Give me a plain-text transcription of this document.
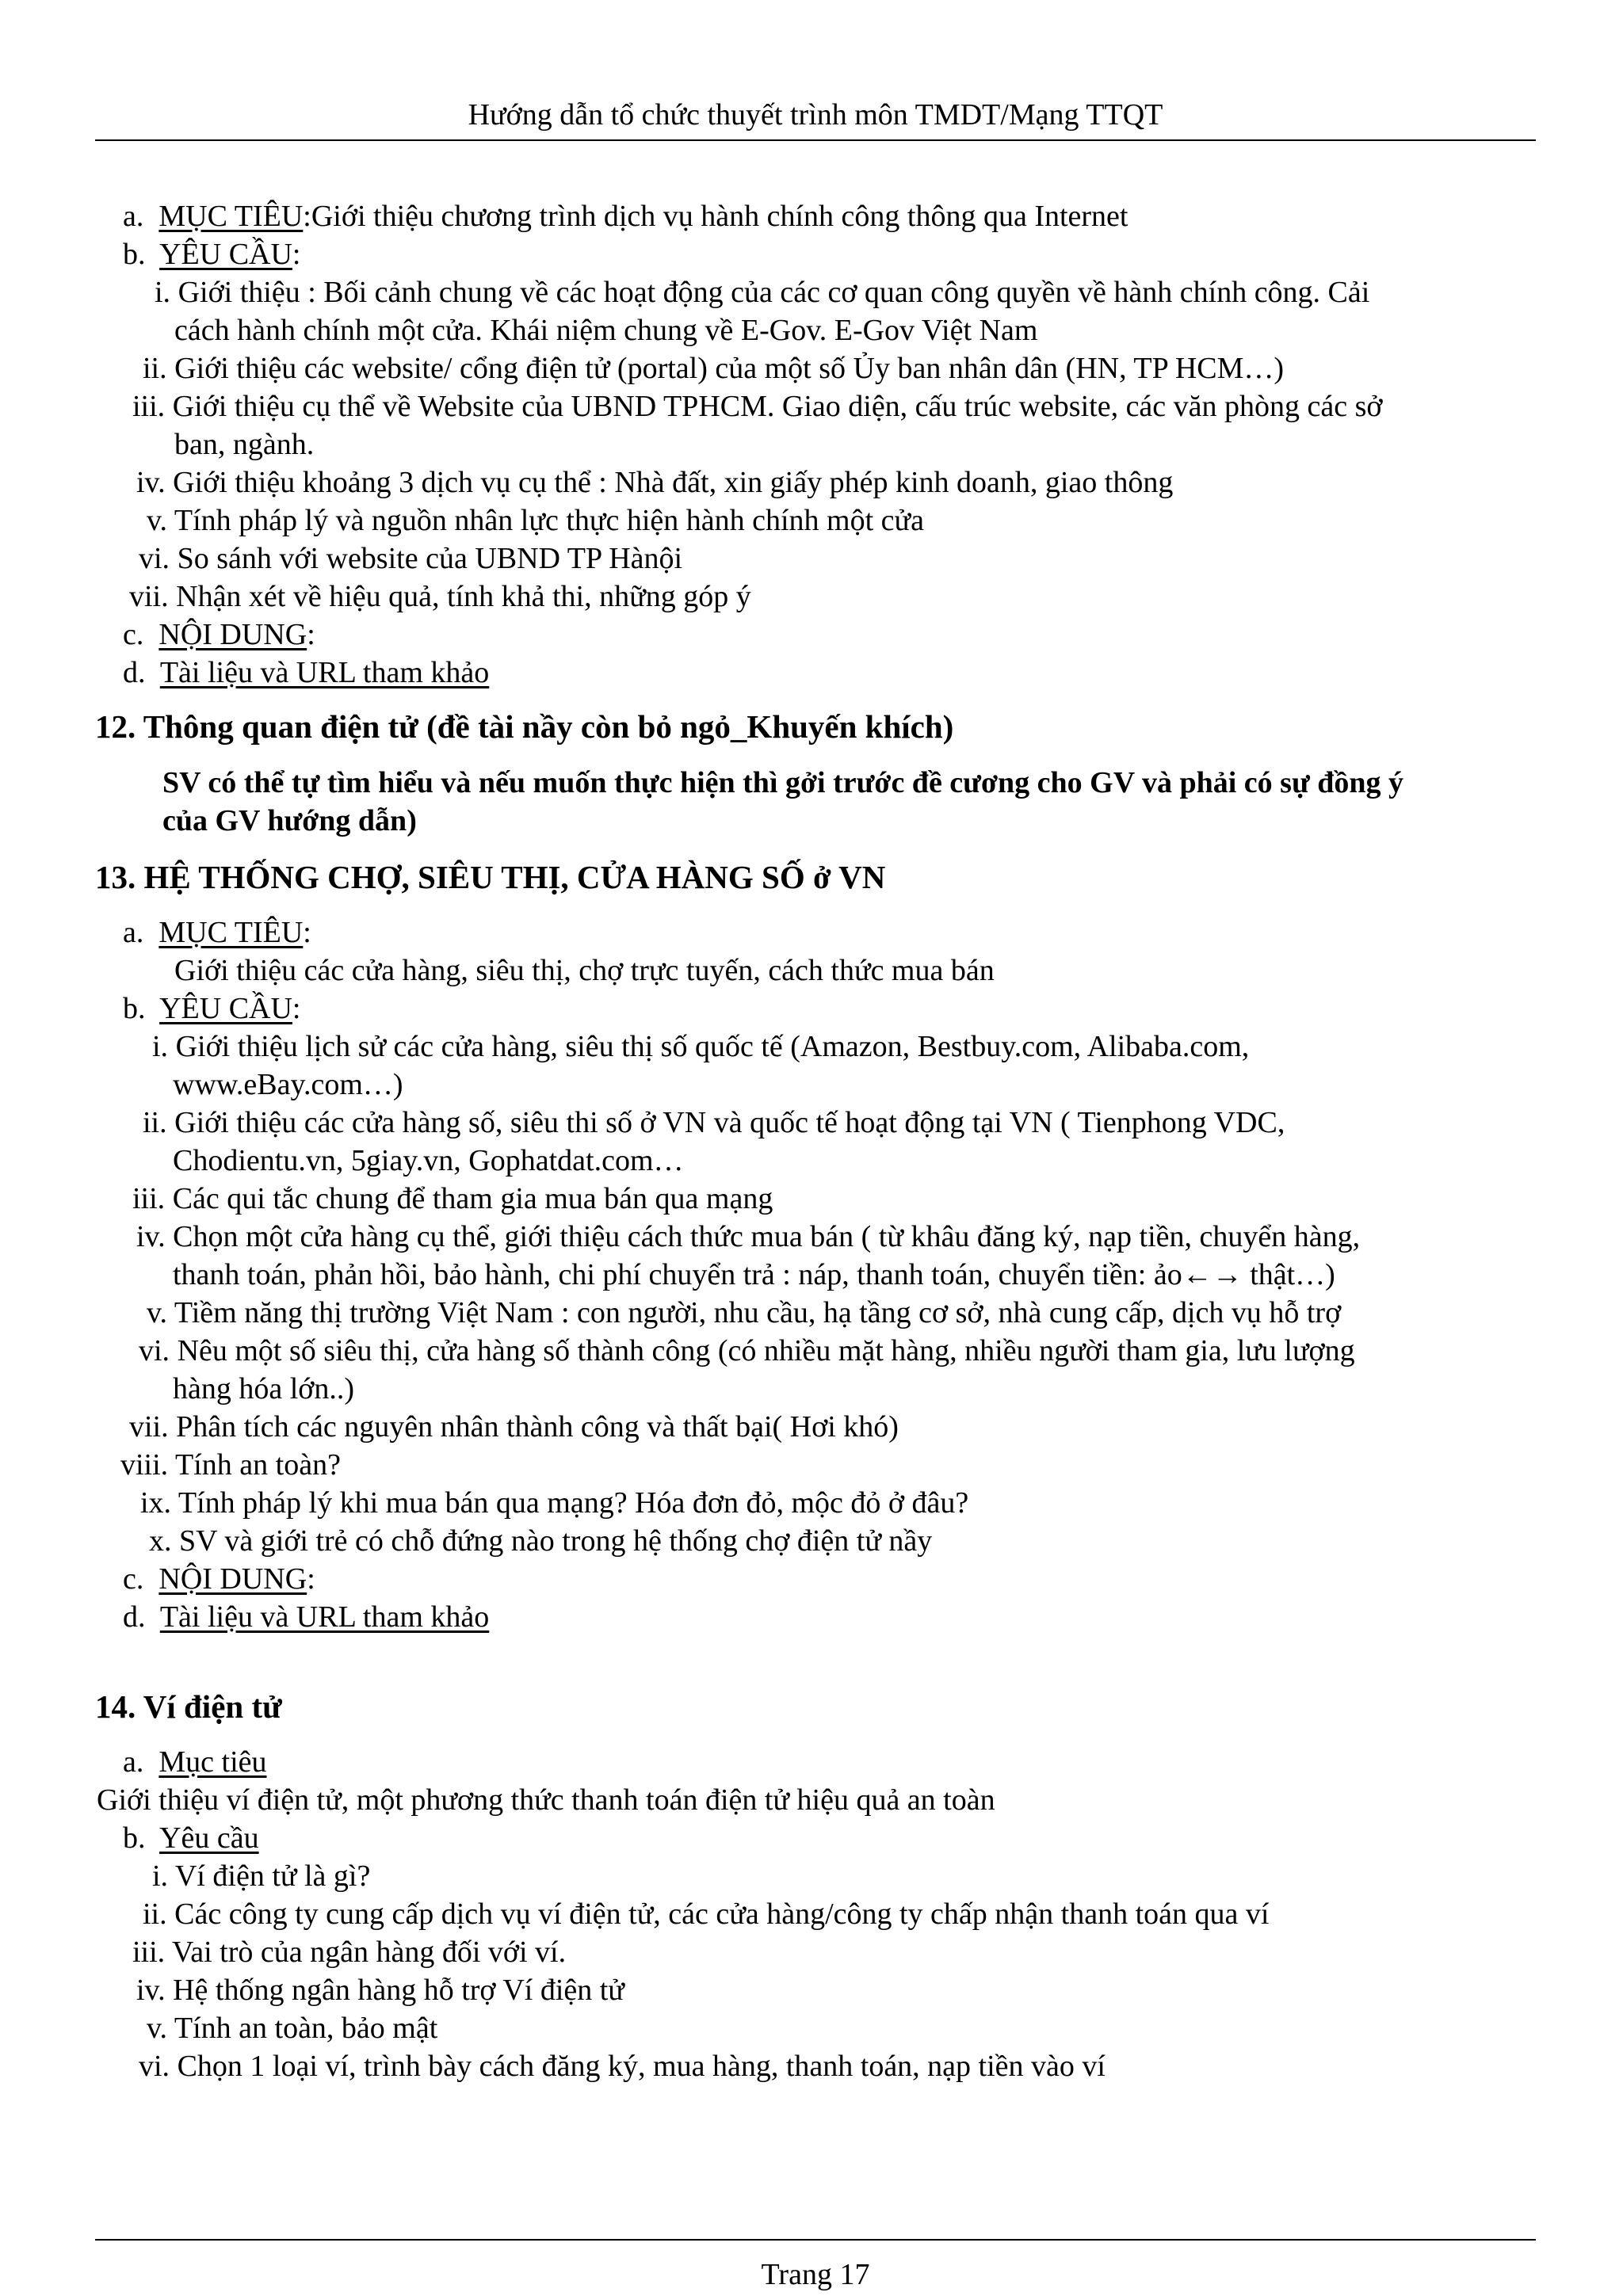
Hướng dẫn tổ chức thuyết trình môn TMDT/Mạng TTQT
a. MỤC TIÊU:Giới thiệu chương trình dịch vụ hành chính công thông qua Internet
b. YÊU CẦU:
i. Giới thiệu : Bối cảnh chung về các hoạt động của các cơ quan công quyền về hành chính công. Cải
cách hành chính một cửa. Khái niệm chung về E-Gov. E-Gov Việt Nam
ii. Giới thiệu các website/ cổng điện tử (portal) của một số Ủy ban nhân dân (HN, TP HCM…)
iii. Giới thiệu cụ thể về Website của UBND TPHCM. Giao diện, cấu trúc website, các văn phòng các sở
ban, ngành.
iv. Giới thiệu khoảng 3 dịch vụ cụ thể : Nhà đất, xin giấy phép kinh doanh, giao thông
v. Tính pháp lý và nguồn nhân lực thực hiện hành chính một cửa
vi. So sánh với website của UBND TP Hànội
vii. Nhận xét về hiệu quả, tính khả thi, những góp ý
c. NỘI DUNG:
d. Tài liệu và URL tham khảo
12. Thông quan điện tử (đề tài nầy còn bỏ ngỏ_Khuyến khích)
SV có thể tự tìm hiểu và nếu muốn thực hiện thì gởi trước đề cương cho GV và phải có sự đồng ý
của GV hướng dẫn)
13. HỆ THỐNG CHỢ, SIÊU THỊ, CỬA HÀNG SỐ ở VN
a. MỤC TIÊU:
Giới thiệu các cửa hàng, siêu thị, chợ trực tuyến, cách thức mua bán
b. YÊU CẦU:
i. Giới thiệu lịch sử các cửa hàng, siêu thị số quốc tế (Amazon, Bestbuy.com, Alibaba.com,
www.eBay.com…)
ii. Giới thiệu các cửa hàng số, siêu thi số ở VN và quốc tế hoạt động tại VN ( Tienphong VDC,
Chodientu.vn, 5giay.vn, Gophatdat.com…
iii. Các qui tắc chung để tham gia mua bán qua mạng
iv. Chọn một cửa hàng cụ thể, giới thiệu cách thức mua bán ( từ khâu đăng ký, nạp tiền, chuyển hàng,
thanh toán, phản hồi, bảo hành, chi phí chuyển trả : náp, thanh toán, chuyển tiền: ảo←→ thật…)
v. Tiềm năng thị trường Việt Nam : con người, nhu cầu, hạ tầng cơ sở, nhà cung cấp, dịch vụ hỗ trợ
vi. Nêu một số siêu thị, cửa hàng số thành công (có nhiều mặt hàng, nhiều người tham gia, lưu lượng
hàng hóa lớn..)
vii. Phân tích các nguyên nhân thành công và thất bại( Hơi khó)
viii. Tính an toàn?
ix. Tính pháp lý khi mua bán qua mạng? Hóa đơn đỏ, mộc đỏ ở đâu?
x. SV và giới trẻ có chỗ đứng nào trong hệ thống chợ điện tử nầy
c. NỘI DUNG:
d. Tài liệu và URL tham khảo
14. Ví điện tử
a. Mục tiêu
Giới thiệu ví điện tử, một phương thức thanh toán điện tử hiệu quả an toàn
b. Yêu cầu
i. Ví điện tử là gì?
ii. Các công ty cung cấp dịch vụ ví điện tử, các cửa hàng/công ty chấp nhận thanh toán qua ví
iii. Vai trò của ngân hàng đối với ví.
iv. Hệ thống ngân hàng hỗ trợ Ví điện tử
v. Tính an toàn, bảo mật
vi. Chọn 1 loại ví, trình bày cách đăng ký, mua hàng, thanh toán, nạp tiền vào ví
Trang 17
